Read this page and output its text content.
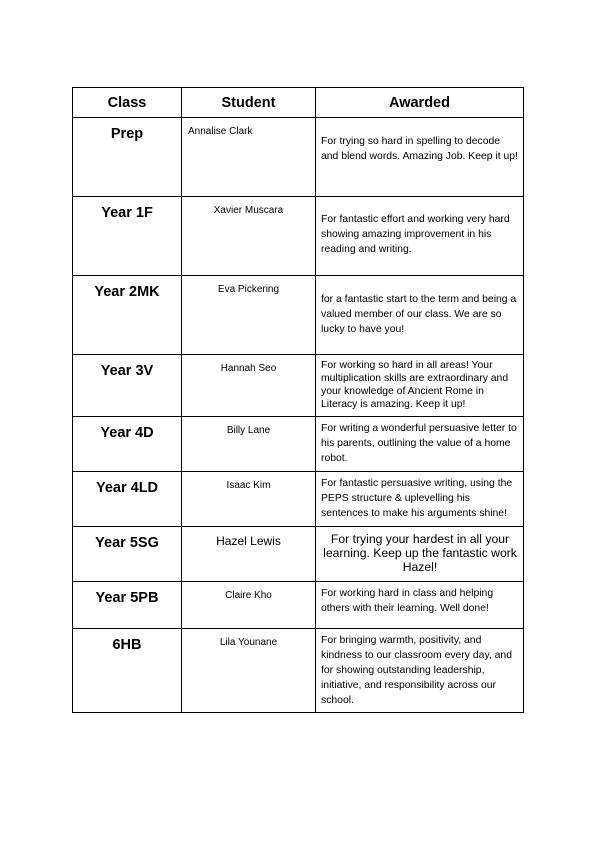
Class	Student	Awarded
Prep	Annalise Clark	For trying so hard in spelling to decode and blend words. Amazing Job. Keep it up!

Year 1F	Xavier Muscara	For fantastic effort and working very hard showing amazing improvement in his reading and writing.

Year 2MK	Eva Pickering	for a fantastic start to the term and being a valued member of our class. We are so lucky to have you!

Year 3V	Hannah Seo	For working so hard in all areas! Your multiplication skills are extraordinary and your knowledge of Ancient Rome in Literacy is amazing. Keep it up!

Year 4D	Billy Lane	For writing a wonderful persuasive letter to his parents, outlining the value of a home robot.

Year 4LD	Isaac Kim	For fantastic persuasive writing, using the PEPS structure & uplevelling his sentences to make his arguments shine!

Year 5SG	Hazel Lewis	For trying your hardest in all your learning. Keep up the fantastic work Hazel!

Year 5PB	Claire Kho	For working hard in class and helping others with their learning. Well done!

6HB	Lila Younane	For bringing warmth, positivity, and kindness to our classroom every day, and for showing outstanding leadership, initiative, and responsibility across our school.
